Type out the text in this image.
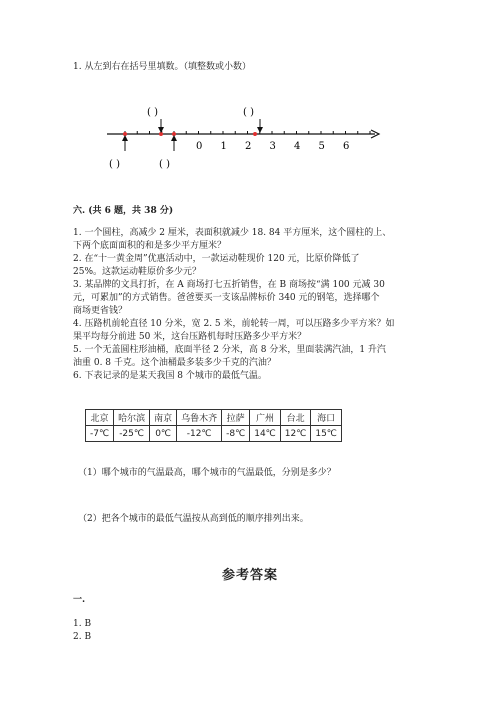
1. 从左到右在括号里填数。（填整数或小数）
0 1 2 3 4 5 6
( )	( )
( )	( )
六. (共 6 题，共 38 分)
1. 一个圆柱，高减少 2 厘米，表面积就减少 18. 84 平方厘米，这个圆柱的上、
下两个底面面积的和是多少平方厘米？
2. 在“十一黄金周”优惠活动中，一款运动鞋现价 120 元，比原价降低了
25%。这款运动鞋原价多少元？
3. 某品牌的文具打折，在 A 商场打七五折销售，在 B 商场按“满 100 元减 30
元，可累加”的方式销售。爸爸要买一支该品牌标价 340 元的钢笔，选择哪个
商场更省钱？
4. 压路机前轮直径 10 分米，宽 2. 5 米，前轮转一周，可以压路多少平方米？如
果平均每分前进 50 米，这台压路机每时压路多少平方米？
5. 一个无盖圆柱形油桶，底面半径 2 分米，高 8 分米，里面装满汽油，1 升汽
油重 0. 8 千克。这个油桶最多装多少千克的汽油？
6. 下表记录的是某天我国 8 个城市的最低气温。
北京	哈尔滨	南京	乌鲁木齐	拉萨	广州	台北	海口
-7℃	-25℃	0℃	-12℃	-8℃	14℃	12℃	15℃
（1）哪个城市的气温最高，哪个城市的气温最低，分别是多少？
（2）把各个城市的最低气温按从高到低的顺序排列出来。
参考答案
一.
1. B
2. B
